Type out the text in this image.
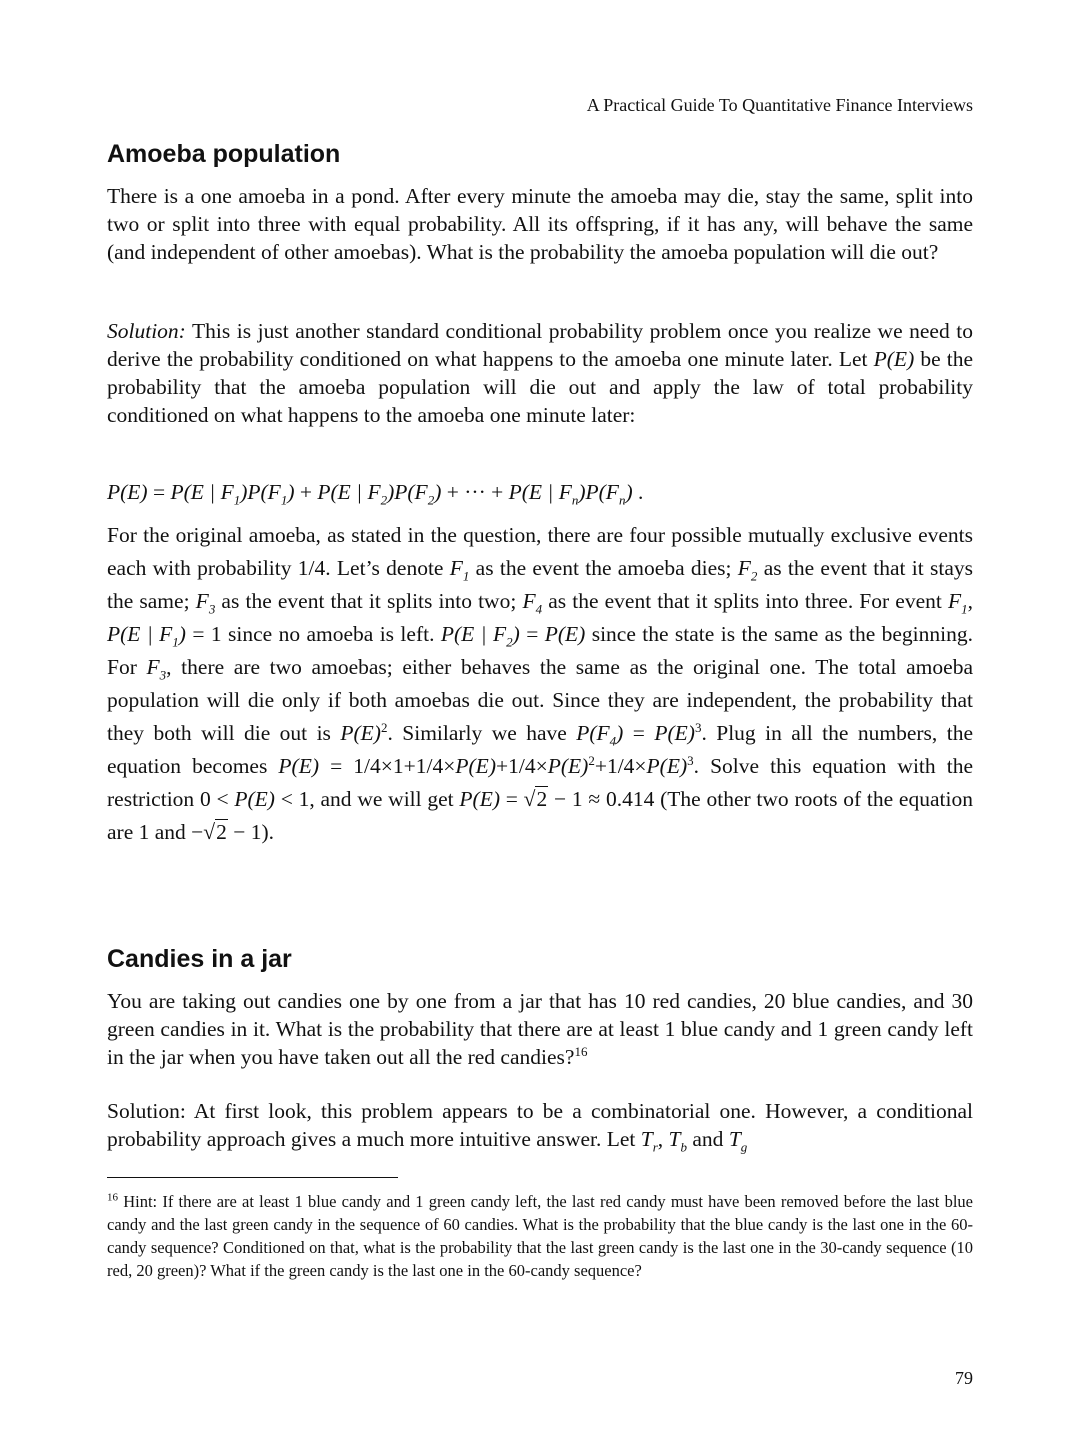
A Practical Guide To Quantitative Finance Interviews
Amoeba population

There is a one amoeba in a pond. After every minute the amoeba may die, stay the same, split into two or split into three with equal probability. All its offspring, if it has any, will behave the same (and independent of other amoebas). What is the probability the amoeba population will die out?

Solution: This is just another standard conditional probability problem once you realize we need to derive the probability conditioned on what happens to the amoeba one minute later. Let P(E) be the probability that the amoeba population will die out and apply the law of total probability conditioned on what happens to the amoeba one minute later:

P(E) = P(E | $F_1)P(F_1) + P(E$ | $F_2)P(F_2)$ + ··· + P(E | $F_n)P(F_n)$ .

For the original amoeba, as stated in the question, there are four possible mutually exclusive events each with probability 1/4. Let’s denote $F_1$ as the event the amoeba dies; $F_2$ as the event that it stays the same; $F_3$ as the event that it splits into two; $F_4$ as the event that it splits into three. For event $F_1$, P(E | $F_1) = 1$ since no amoeba is left. P(E | $F_2) = P(E)$ since the state is the same as the beginning. For $F_3$, there are two amoebas; either behaves the same as the original one. The total amoeba population will die only if both amoebas die out. Since they are independent, the probability that they both will die out is $P(E)^2$. Similarly we have $P(F_4) = P(E)^3$. Plug in all the numbers, the equation becomes $P(E) = 1/4\times 1+1/4\times P(E)+1/4\times P(E)^2+1/4\times P(E)^3$. Solve this equation with the restriction 0 < P(E) < 1, and we will get P(E) = √2 − 1 ≈ 0.414 (The other two roots of the equation are 1 and −√2 − 1).

Candies in a jar

You are taking out candies one by one from a jar that has 10 red candies, 20 blue candies, and 30 green candies in it. What is the probability that there are at least 1 blue candy and 1 green candy left in the jar when you have taken out all the red candies?$^{16}$

Solution: At first look, this problem appears to be a combinatorial one. However, a conditional probability approach gives a much more intuitive answer. Let $T_r$, $T_b$ and $T_g$

$^{16}$ Hint: If there are at least 1 blue candy and 1 green candy left, the last red candy must have been removed before the last blue candy and the last green candy in the sequence of 60 candies. What is the probability that the blue candy is the last one in the 60-candy sequence? Conditioned on that, what is the probability that the last green candy is the last one in the 30-candy sequence (10 red, 20 green)? What if the green candy is the last one in the 60-candy sequence?
79
